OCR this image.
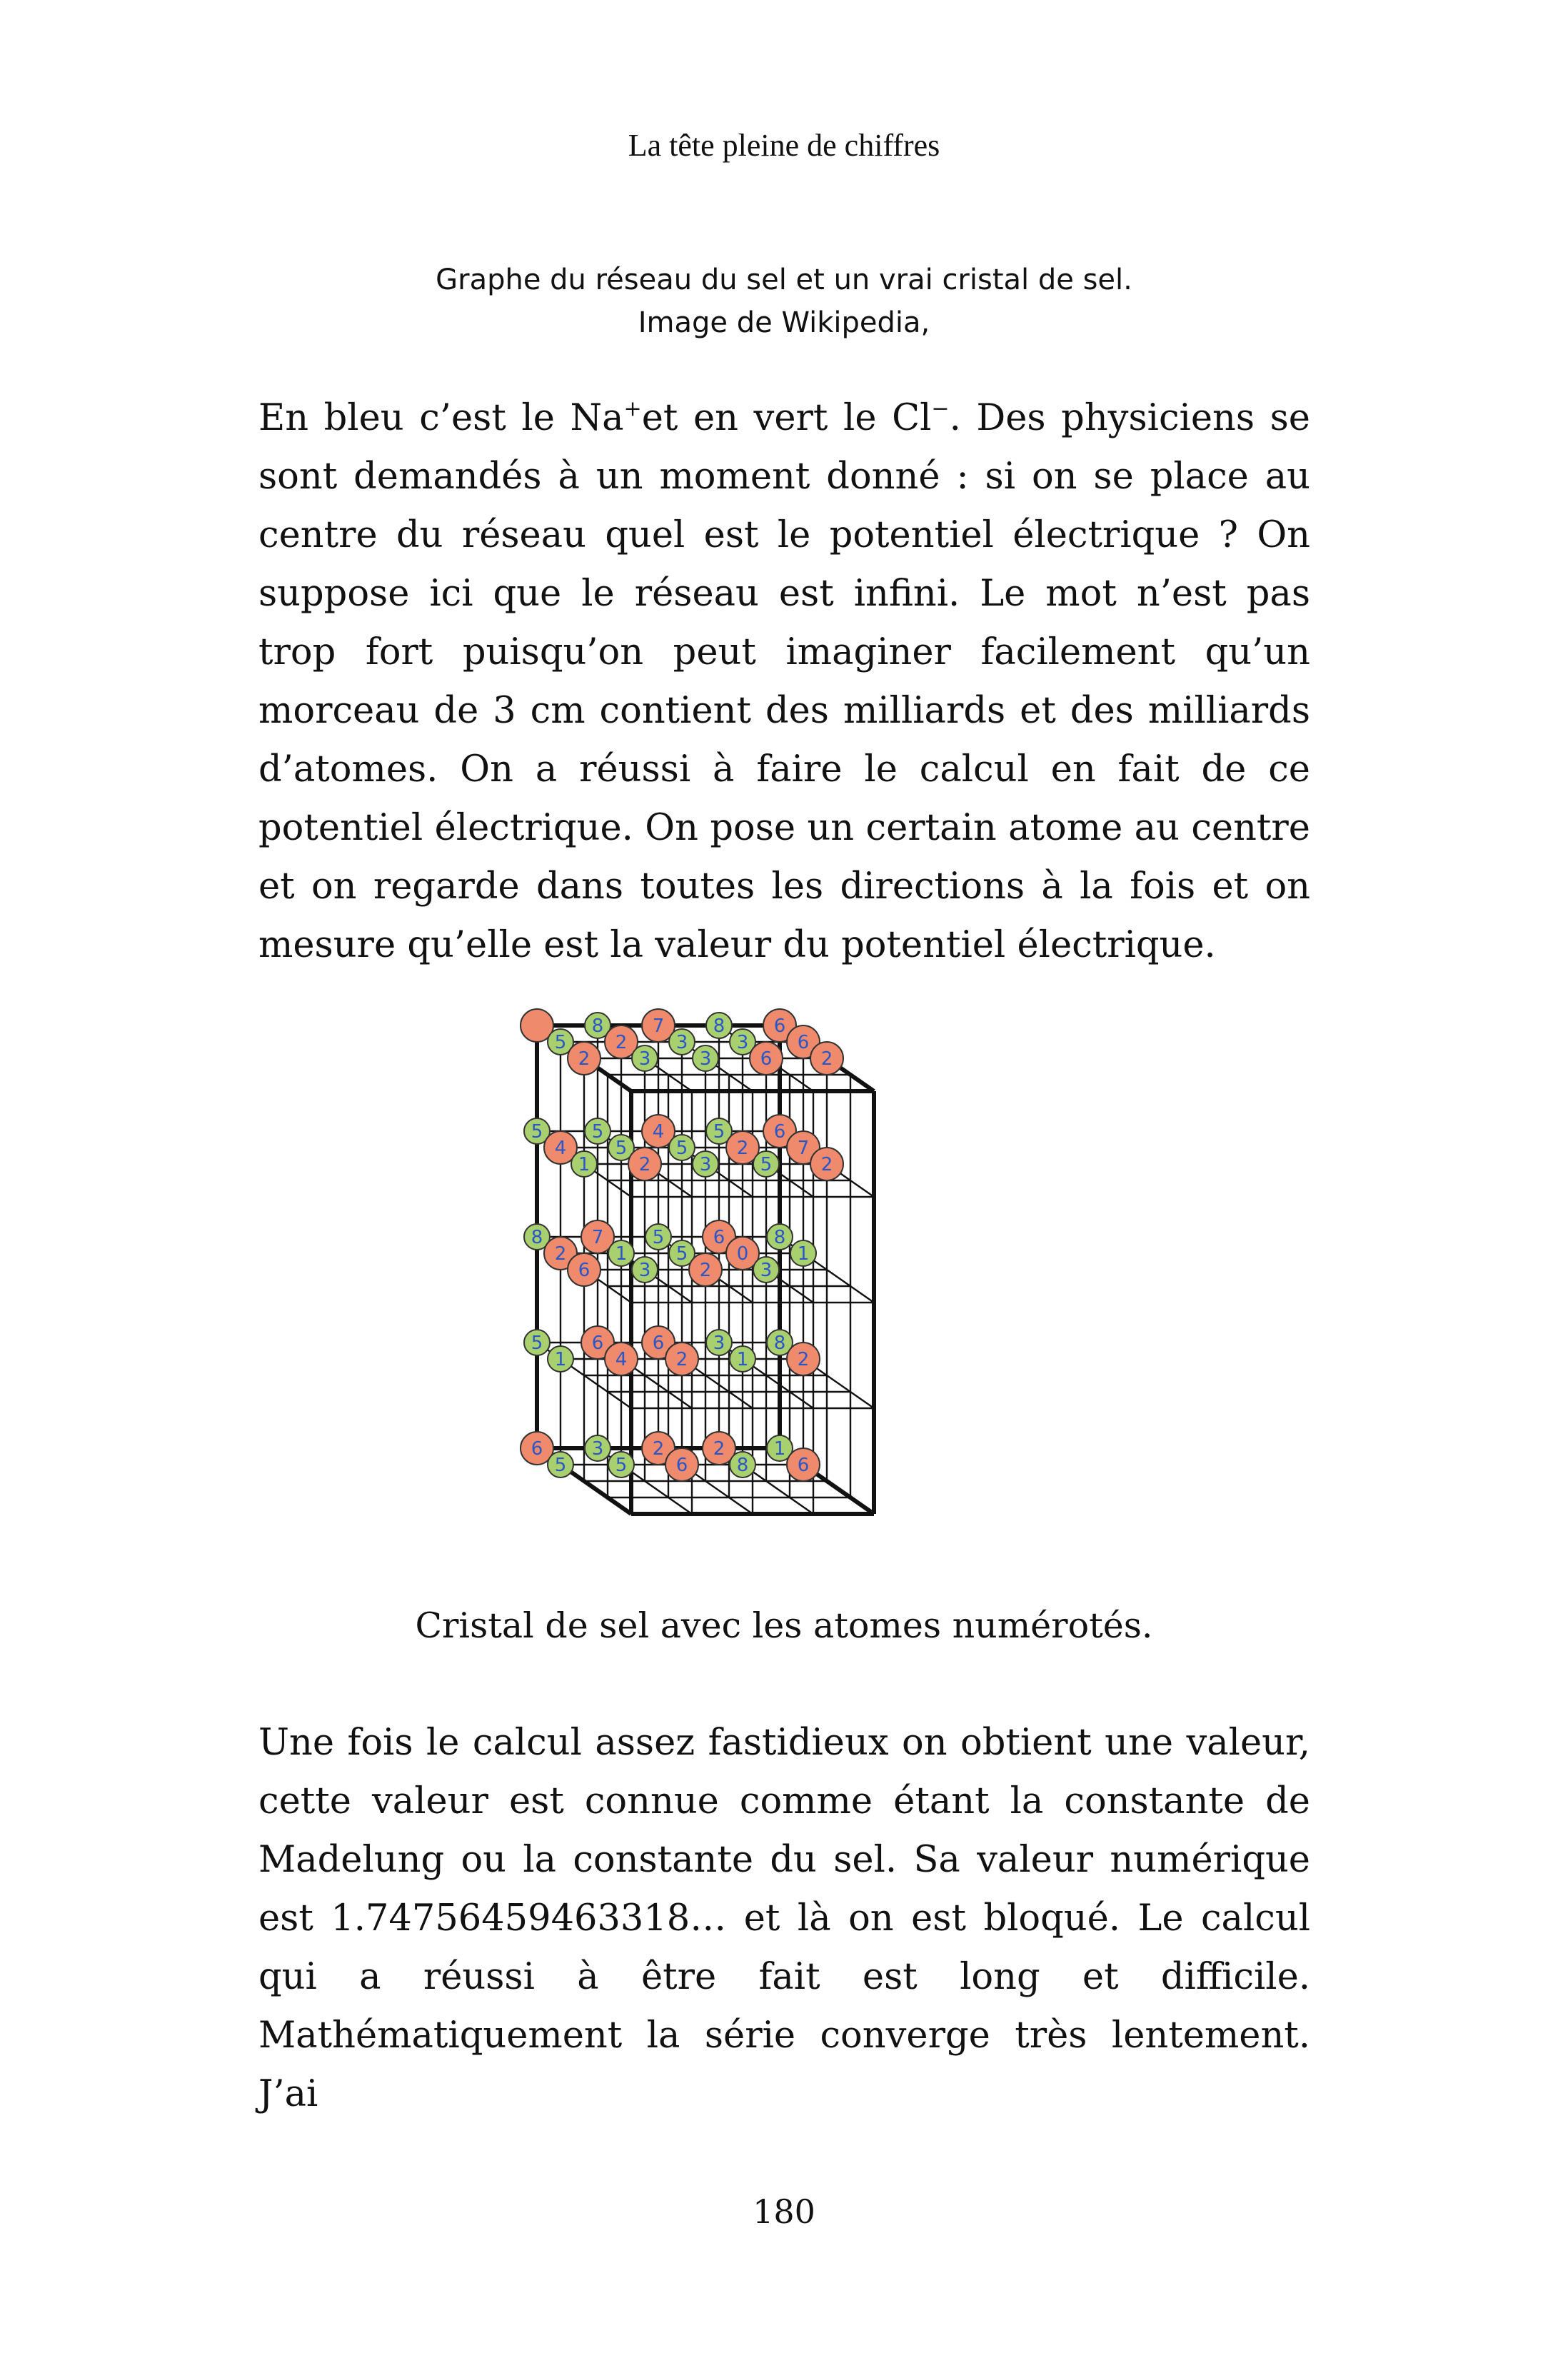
La tête pleine de chiffres
Graphe du réseau du sel et un vrai cristal de sel.
Image de Wikipedia,
En bleu c’est le Na+et en vert le Cl−. Des physiciens se sont demandés à un moment donné : si on se place au centre du réseau quel est le potentiel électrique ? On suppose ici que le réseau est infini. Le mot n’est pas trop fort puisqu’on peut imaginer facilement qu’un morceau de 3 cm contient des milliards et des milliards d’atomes. On a réussi à faire le calcul en fait de ce potentiel électrique. On pose un certain atome au centre et on regarde dans toutes les directions à la fois et on mesure qu’elle est la valeur du potentiel électrique.
8	7	8	6
5	5	4	5	6
8	7	5	6	8
5	6	6	3	8
6	3	2	2	1
5	2	3	3	6
4	5	5	2	7
2	1	5	0	1
1	4	2	1	2
5	5	6	8	6
2	3	3	6	2
1	2	3	5	2
6	3	2	3
Cristal de sel avec les atomes numérotés.
Une fois le calcul assez fastidieux on obtient une valeur, cette valeur est connue comme étant la constante de Madelung ou la constante du sel. Sa valeur numérique est 1.74756459463318… et là on est bloqué. Le calcul qui a réussi à être fait est long et difficile. Mathématiquement la série converge très lentement. J’ai
180
